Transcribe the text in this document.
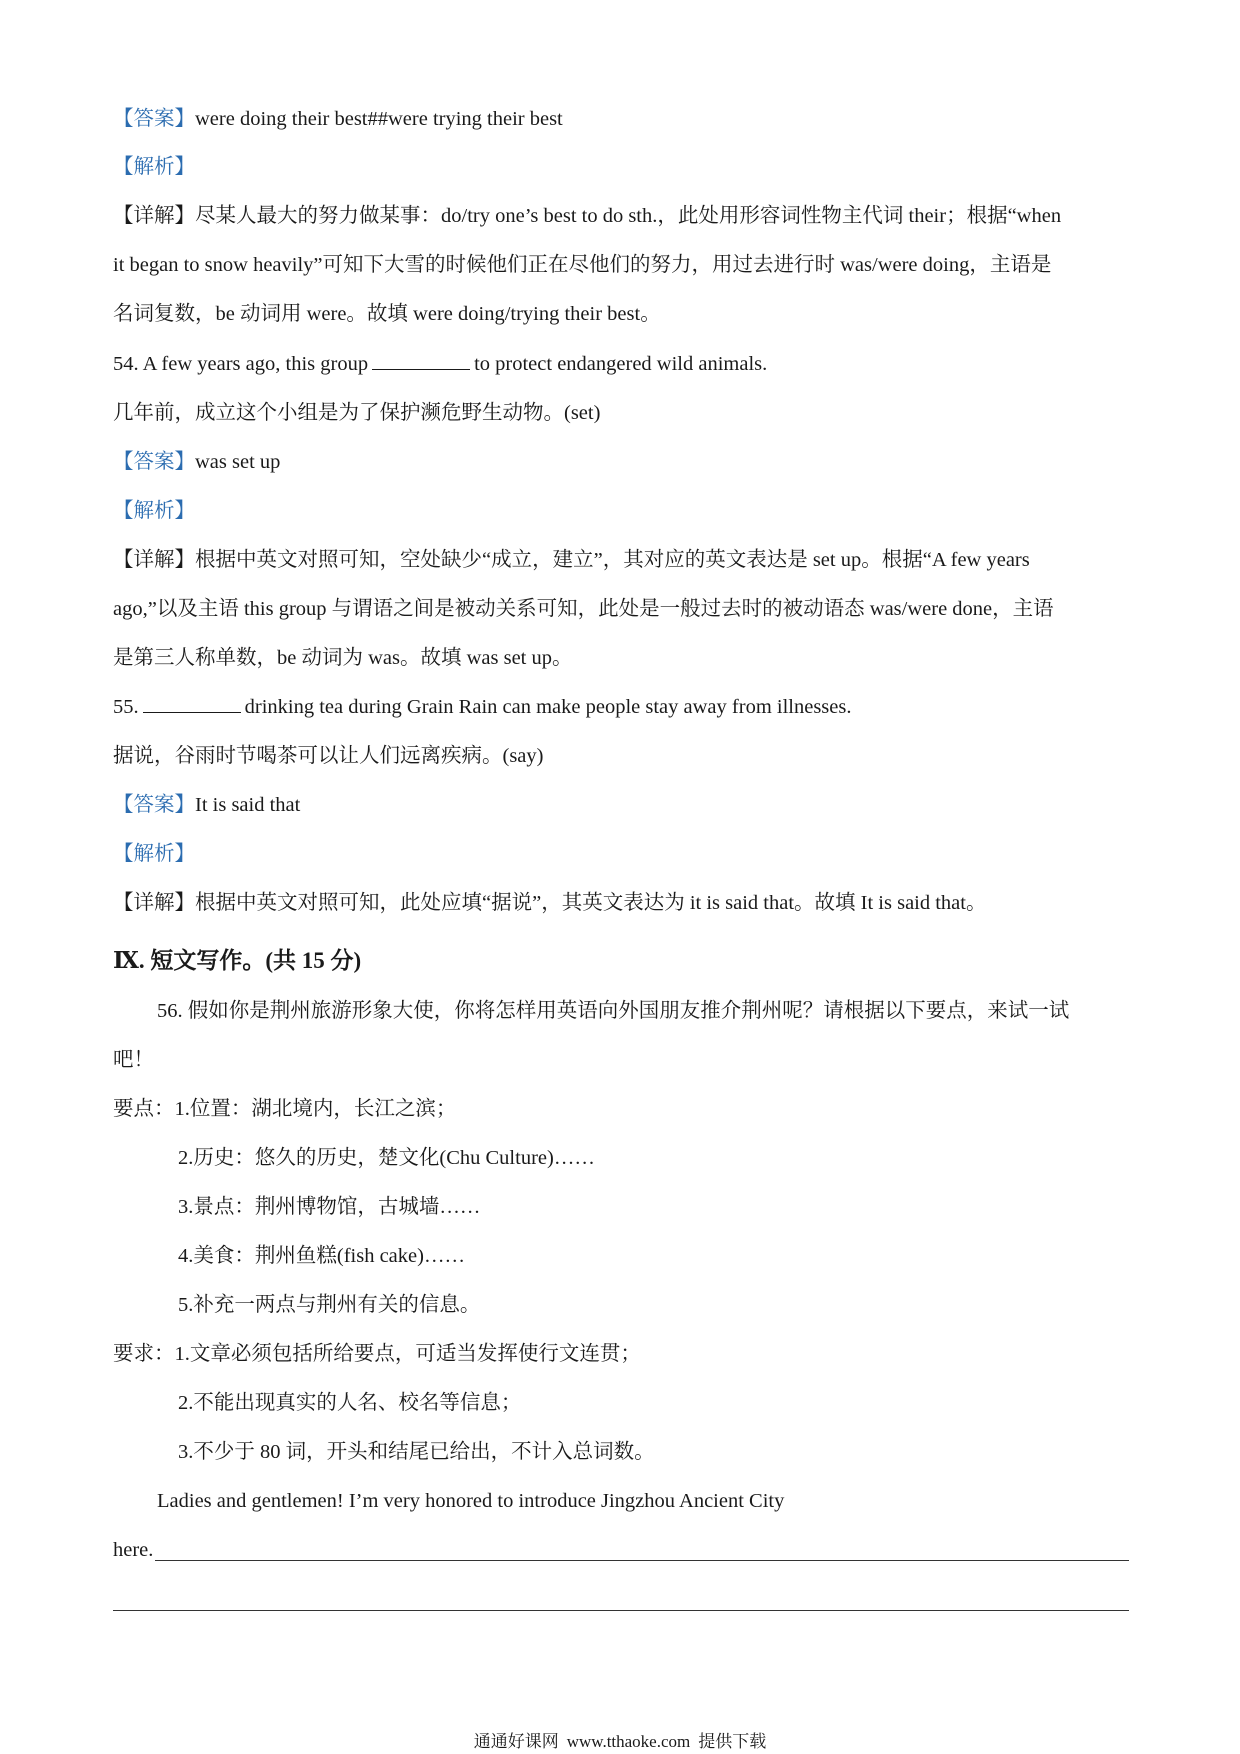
【答案】were doing their best##were trying their best
【解析】
【详解】尽某人最大的努力做某事：do/try one’s best to do sth.，此处用形容词性物主代词 their；根据“when
it began to snow heavily”可知下大雪的时候他们正在尽他们的努力，用过去进行时 was/were doing，主语是
名词复数，be 动词用 were。故填 were doing/trying their best。
54. A few years ago, this group	to protect endangered wild animals.
几年前，成立这个小组是为了保护濒危野生动物。(set)
【答案】was set up
【解析】
【详解】根据中英文对照可知，空处缺少“成立，建立”，其对应的英文表达是 set up。根据“A few years
ago,”以及主语 this group 与谓语之间是被动关系可知，此处是一般过去时的被动语态 was/were done，主语
是第三人称单数，be 动词为 was。故填 was set up。
55.	drinking tea during Grain Rain can make people stay away from illnesses.
据说，谷雨时节喝茶可以让人们远离疾病。(say)
【答案】It is said that
【解析】
【详解】根据中英文对照可知，此处应填“据说”，其英文表达为 it is said that。故填 It is said that。
Ⅸ. 短文写作。(共 15 分)
56. 假如你是荆州旅游形象大使，你将怎样用英语向外国朋友推介荆州呢？请根据以下要点，来试一试
吧！
要点：1.位置：湖北境内，长江之滨；
2.历史：悠久的历史，楚文化(Chu Culture)……
3.景点：荆州博物馆，古城墙……
4.美食：荆州鱼糕(fish cake)……
5.补充一两点与荆州有关的信息。
要求：1.文章必须包括所给要点，可适当发挥使行文连贯；
2.不能出现真实的人名、校名等信息；
3.不少于 80 词，开头和结尾已给出，不计入总词数。
Ladies and gentlemen! I’m very honored to introduce Jingzhou Ancient City
here.
通通好课网 www.tthaoke.com 提供下载
